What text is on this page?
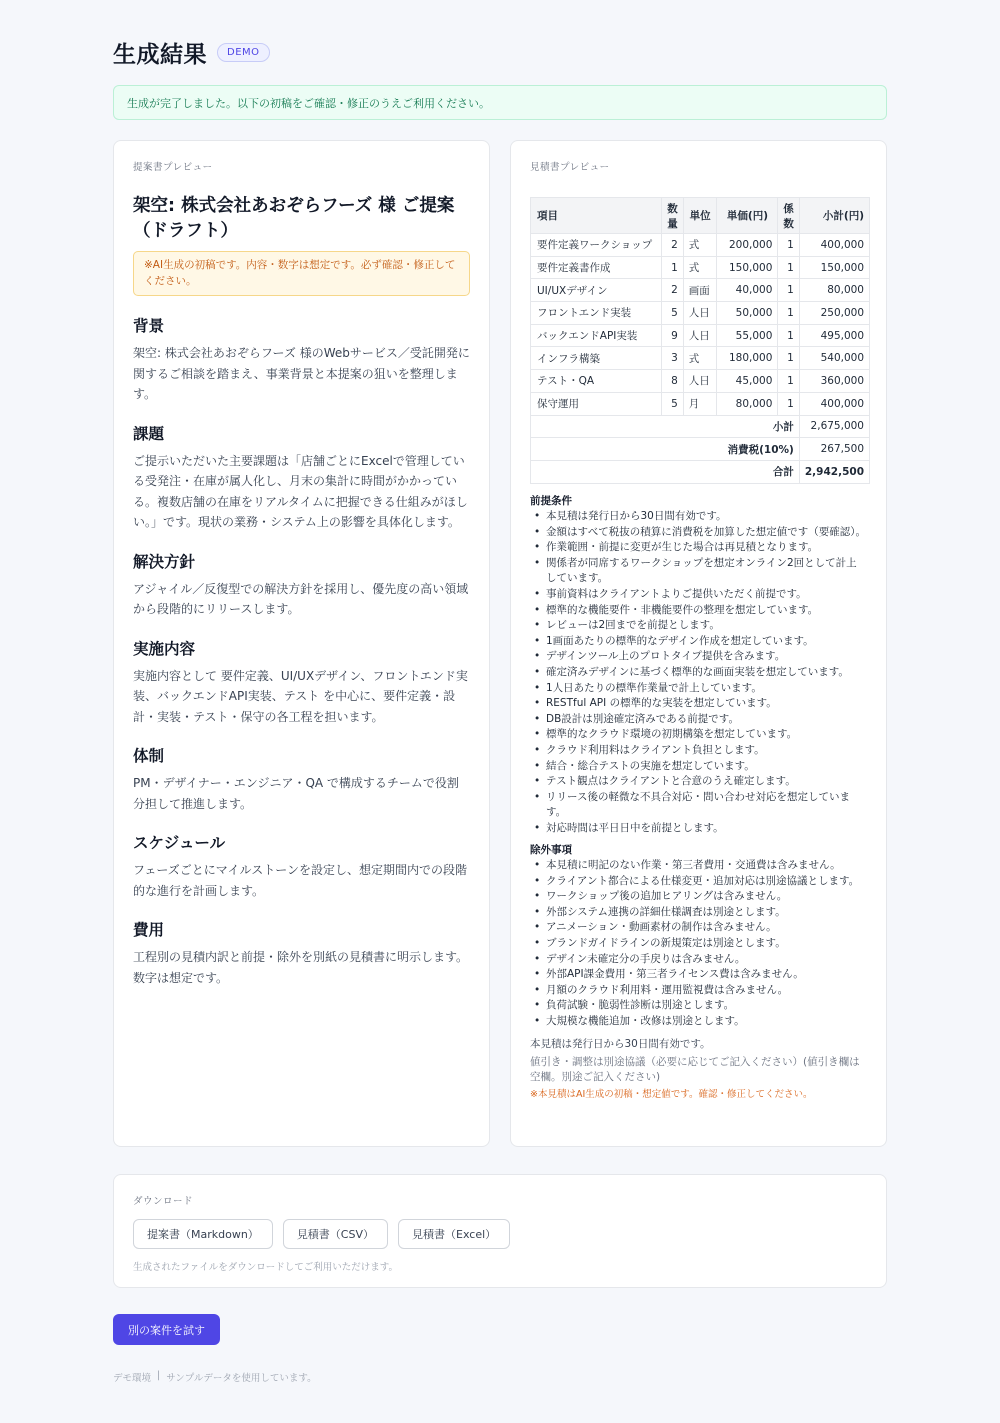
生成結果	DEMO
生成が完了しました。以下の初稿をご確認・修正のうえご利用ください。
提案書プレビュー
架空: 株式会社あおぞらフーズ 様 ご提案（ドラフト）
※AI生成の初稿です。内容・数字は想定です。必ず確認・修正してください。
背景

架空: 株式会社あおぞらフーズ 様のWebサービス／受託開発に関するご相談を踏まえ、事業背景と本提案の狙いを整理します。

課題

ご提示いただいた主要課題は「店舗ごとにExcelで管理している受発注・在庫が属人化し、月末の集計に時間がかかっている。複数店舗の在庫をリアルタイムに把握できる仕組みがほしい。」です。現状の業務・システム上の影響を具体化します。

解決方針

アジャイル／反復型での解決方針を採用し、優先度の高い領域から段階的にリリースします。

実施内容

実施内容として 要件定義、UI/UXデザイン、フロントエンド実装、バックエンドAPI実装、テスト を中心に、要件定義・設計・実装・テスト・保守の各工程を担います。

体制

PM・デザイナー・エンジニア・QA で構成するチームで役割分担して推進します。

スケジュール

フェーズごとにマイルストーンを設定し、想定期間内での段階的な進行を計画します。

費用

工程別の見積内訳と前提・除外を別紙の見積書に明示します。数字は想定です。

見積書プレビュー
項目	数量	単位	単価(円)	係数	小計(円)
要件定義ワークショップ	2	式	200,000	1	400,000
要件定義書作成	1	式	150,000	1	150,000
UI/UXデザイン	2	画面	40,000	1	80,000
フロントエンド実装	5	人日	50,000	1	250,000
バックエンドAPI実装	9	人日	55,000	1	495,000
インフラ構築	3	式	180,000	1	540,000
テスト・QA	8	人日	45,000	1	360,000
保守運用	5	月	80,000	1	400,000
小計					2,675,000
消費税(10%)					267,500
合計					2,942,500
前提条件
• 本見積は発行日から30日間有効です。
• 金額はすべて税抜の積算に消費税を加算した想定値です（要確認）。
• 作業範囲・前提に変更が生じた場合は再見積となります。
• 関係者が同席するワークショップを想定オンライン2回として計上しています。
• 事前資料はクライアントよりご提供いただく前提です。
• 標準的な機能要件・非機能要件の整理を想定しています。
• レビューは2回までを前提とします。
• 1画面あたりの標準的なデザイン作成を想定しています。
• デザインツール上のプロトタイプ提供を含みます。
• 確定済みデザインに基づく標準的な画面実装を想定しています。
• 1人日あたりの標準作業量で計上しています。
• RESTful API の標準的な実装を想定しています。
• DB設計は別途確定済みである前提です。
• 標準的なクラウド環境の初期構築を想定しています。
• クラウド利用料はクライアント負担とします。
• 結合・総合テストの実施を想定しています。
• テスト観点はクライアントと合意のうえ確定します。
• リリース後の軽微な不具合対応・問い合わせ対応を想定しています。
• 対応時間は平日日中を前提とします。
除外事項
• 本見積に明記のない作業・第三者費用・交通費は含みません。
• クライアント都合による仕様変更・追加対応は別途協議とします。
• ワークショップ後の追加ヒアリングは含みません。
• 外部システム連携の詳細仕様調査は別途とします。
• アニメーション・動画素材の制作は含みません。
• ブランドガイドラインの新規策定は別途とします。
• デザイン未確定分の手戻りは含みません。
• 外部API課金費用・第三者ライセンス費は含みません。
• 月額のクラウド利用料・運用監視費は含みません。
• 負荷試験・脆弱性診断は別途とします。
• 大規模な機能追加・改修は別途とします。
本見積は発行日から30日間有効です。
値引き・調整は別途協議（必要に応じてご記入ください）(値引き欄は空欄。別途ご記入ください)
※本見積はAI生成の初稿・想定値です。確認・修正してください。
ダウンロード
提案書（Markdown）	見積書（CSV）	見積書（Excel）
生成されたファイルをダウンロードしてご利用いただけます。
別の案件を試す
デモ環境 | サンプルデータを使用しています。
